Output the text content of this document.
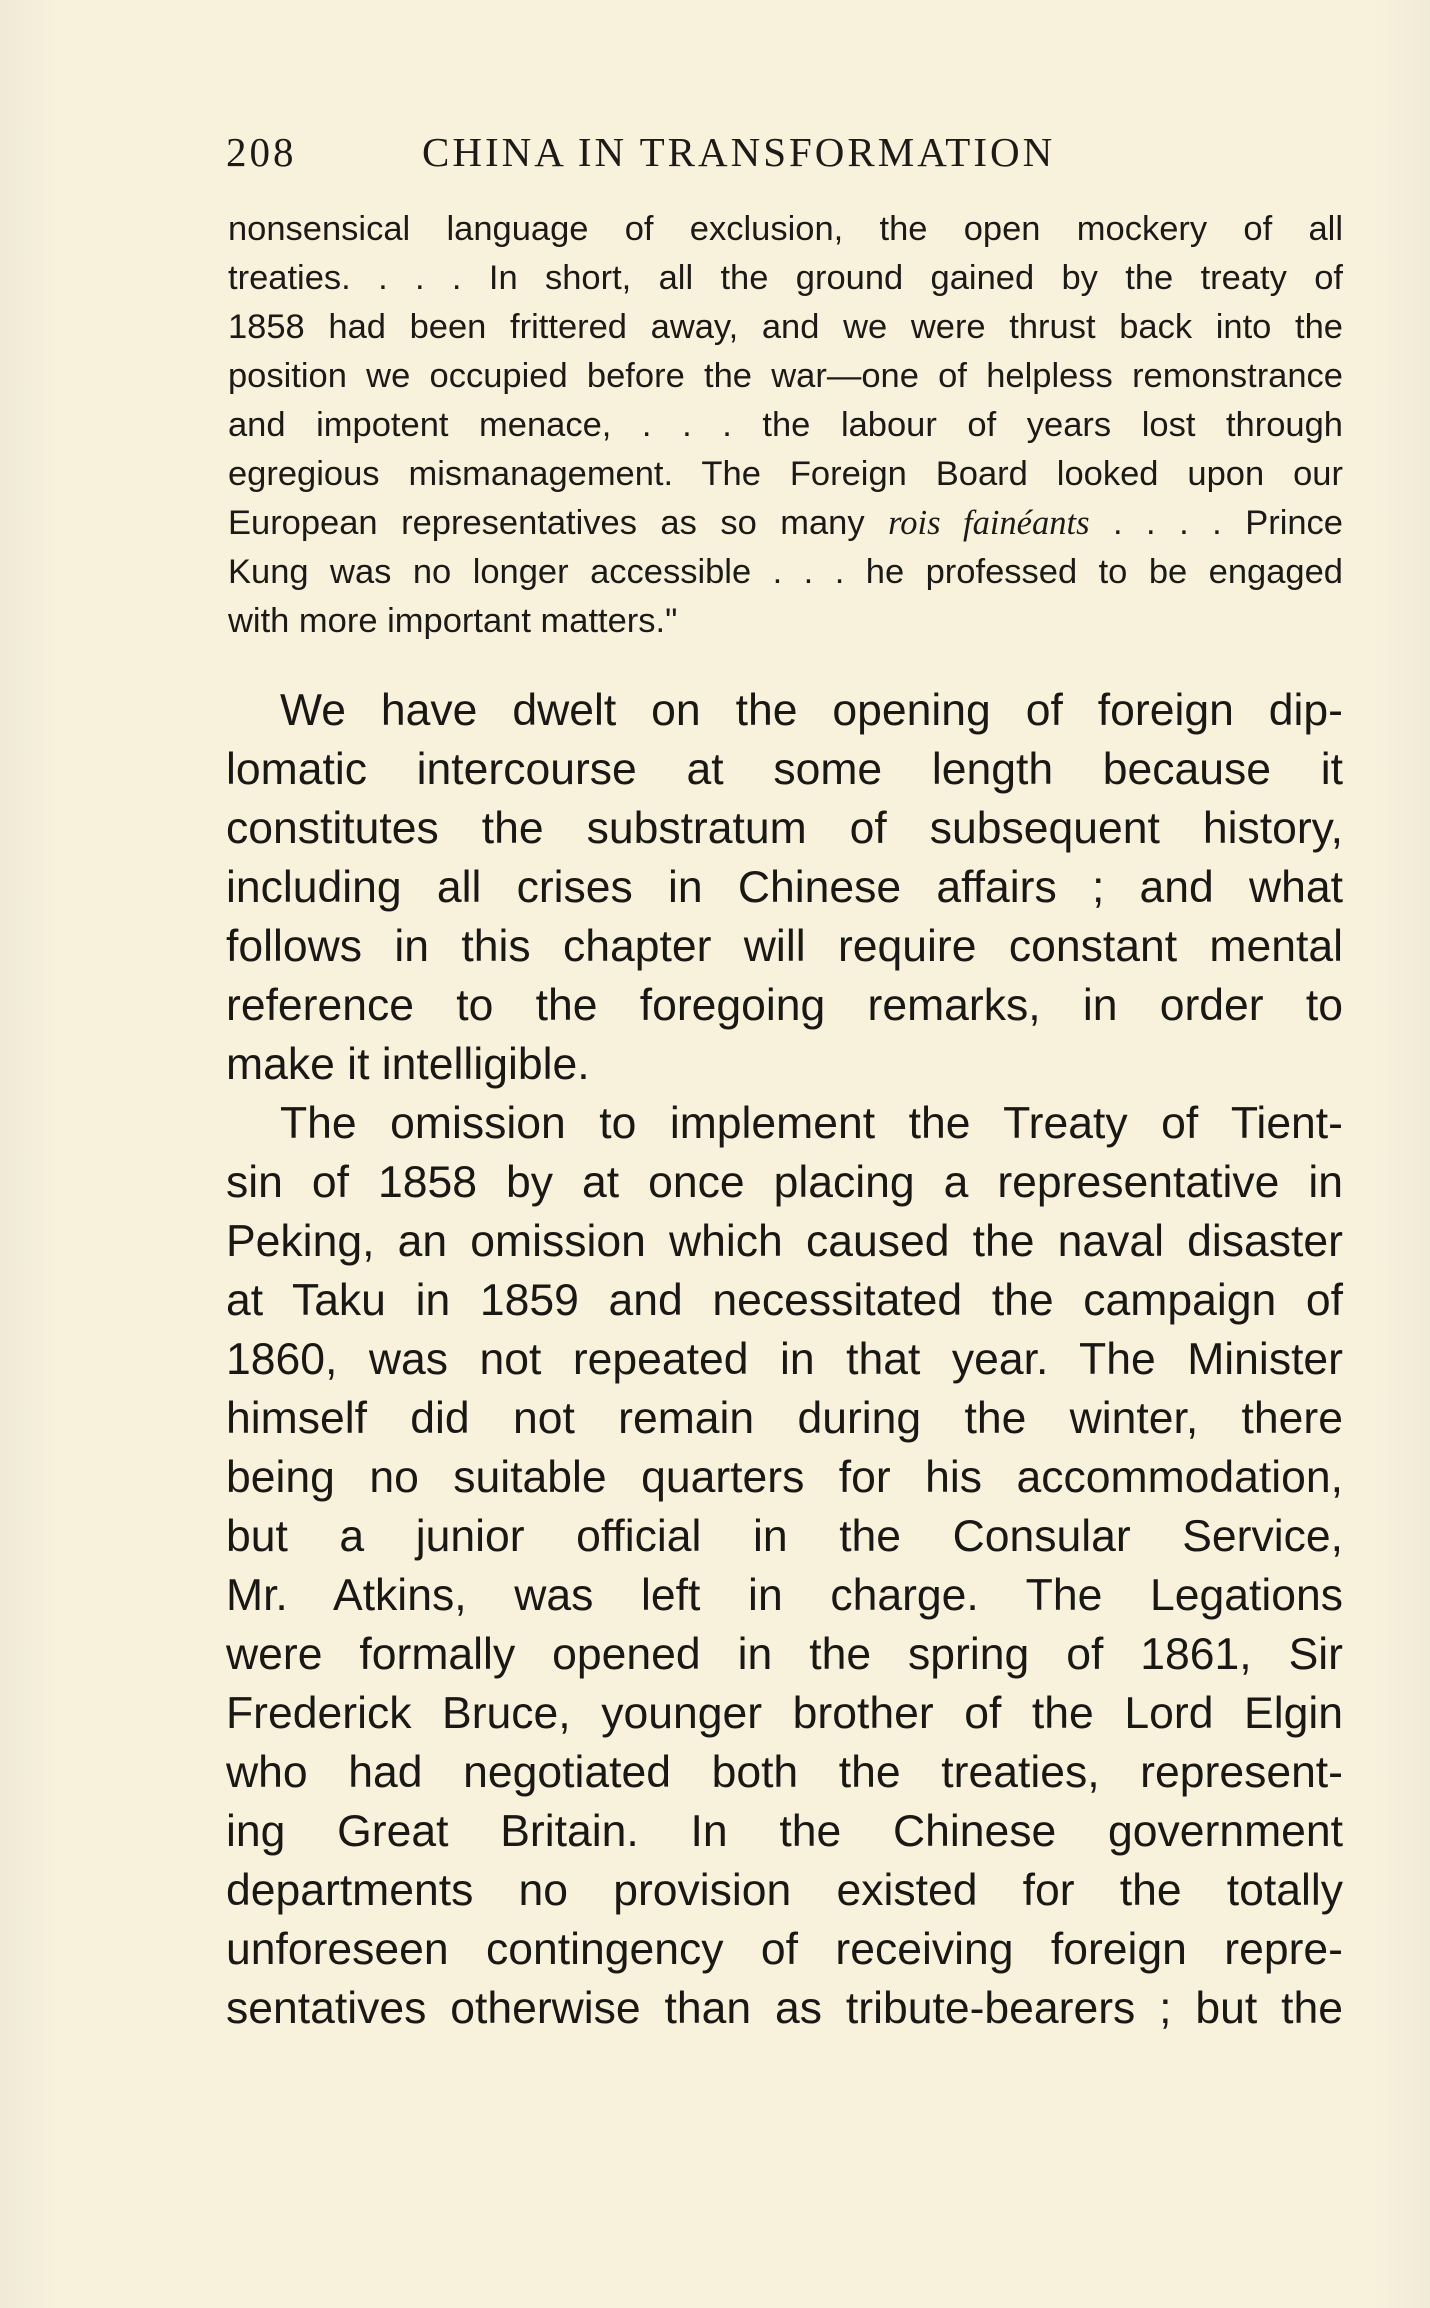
208	CHINA IN TRANSFORMATION
nonsensical language of exclusion, the open mockery of all
treaties. . . . In short, all the ground gained by the treaty of
1858 had been frittered away, and we were thrust back into the
position we occupied before the war—one of helpless remonstrance
and impotent menace, . . . the labour of years lost through
egregious mismanagement. The Foreign Board looked upon our
European representatives as so many rois fainéants . . . . Prince
Kung was no longer accessible . . . he professed to be engaged
with more important matters."
We have dwelt on the opening of foreign dip-
lomatic intercourse at some length because it
constitutes the substratum of subsequent history,
including all crises in Chinese affairs ; and what
follows in this chapter will require constant mental
reference to the foregoing remarks, in order to
make it intelligible.
The omission to implement the Treaty of Tient-
sin of 1858 by at once placing a representative in
Peking, an omission which caused the naval disaster
at Taku in 1859 and necessitated the campaign of
1860, was not repeated in that year. The Minister
himself did not remain during the winter, there
being no suitable quarters for his accommodation,
but a junior official in the Consular Service,
Mr. Atkins, was left in charge. The Legations
were formally opened in the spring of 1861, Sir
Frederick Bruce, younger brother of the Lord Elgin
who had negotiated both the treaties, represent-
ing Great Britain. In the Chinese government
departments no provision existed for the totally
unforeseen contingency of receiving foreign repre-
sentatives otherwise than as tribute-bearers ; but the
